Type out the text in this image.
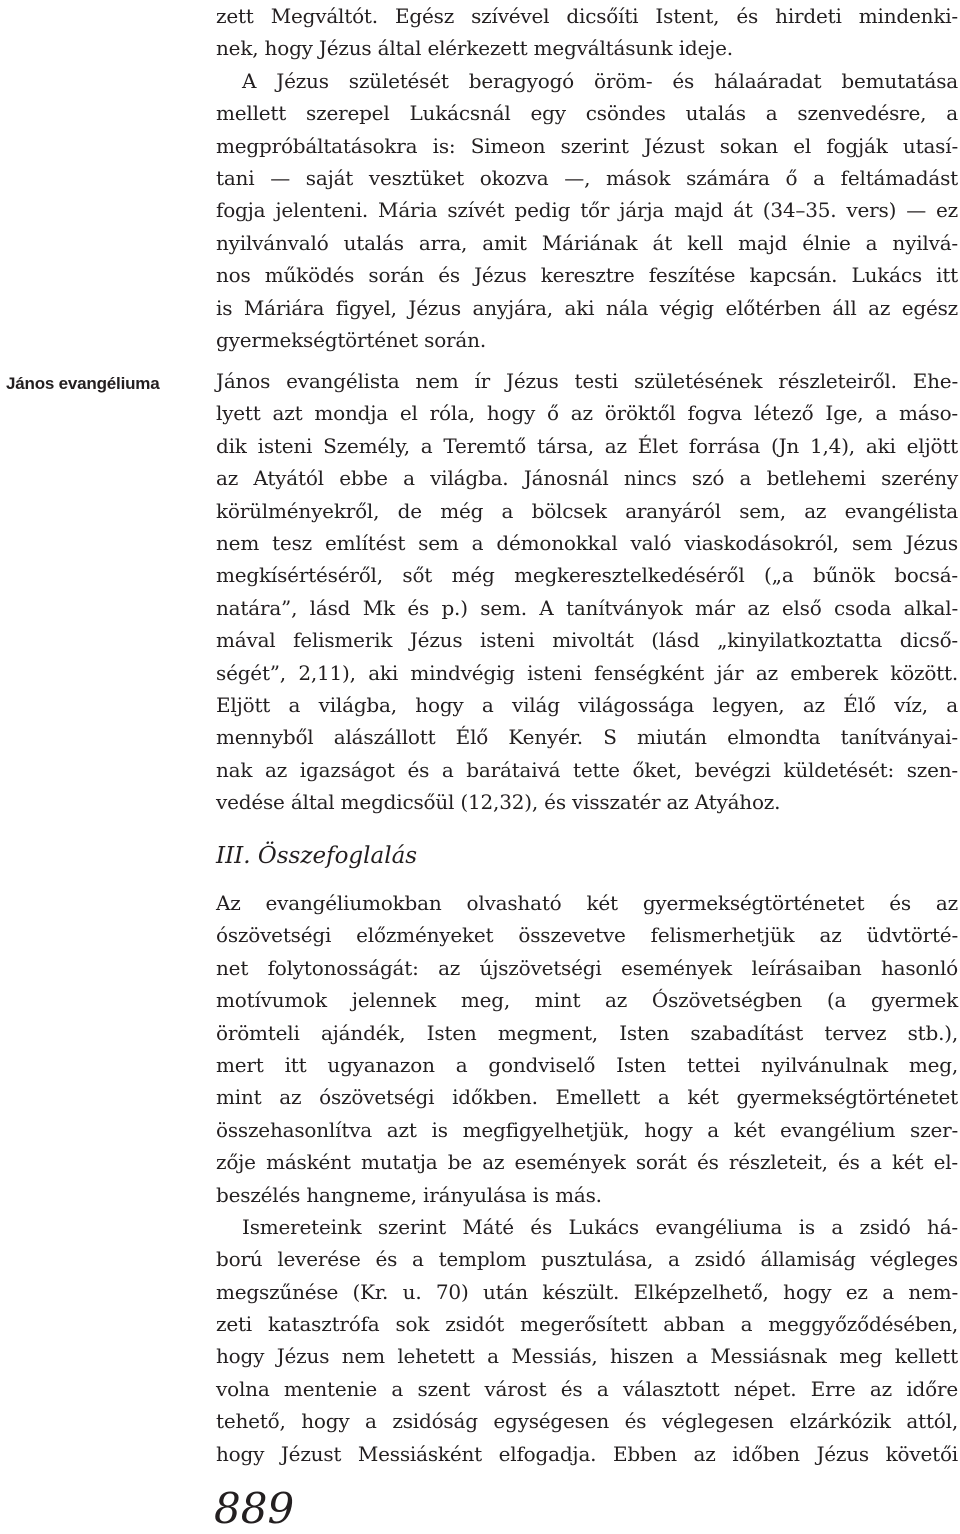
zett Megváltót. Egész szívével dicsőíti Istent, és hirdeti mindenki-
nek, hogy Jézus által elérkezett megváltásunk ideje.
A Jézus születését beragyogó öröm- és hálaáradat bemutatása
mellett szerepel Lukácsnál egy csöndes utalás a szenvedésre, a
megpróbáltatásokra is: Simeon szerint Jézust sokan el fogják utasí-
tani — saját vesztüket okozva —, mások számára ő a feltámadást
fogja jelenteni. Mária szívét pedig tőr járja majd át (34–35. vers) — ez
nyilvánvaló utalás arra, amit Máriának át kell majd élnie a nyilvá-
nos működés során és Jézus keresztre feszítése kapcsán. Lukács itt
is Máriára figyel, Jézus anyjára, aki nála végig előtérben áll az egész
gyermekségtörténet során.
János evangéliuma	János evangélista nem ír Jézus testi születésének részleteiről. Ehe-
lyett azt mondja el róla, hogy ő az öröktől fogva létező Ige, a máso-
dik isteni Személy, a Teremtő társa, az Élet forrása (Jn 1,4), aki eljött
az Atyától ebbe a világba. Jánosnál nincs szó a betlehemi szerény
körülményekről, de még a bölcsek aranyáról sem, az evangélista
nem tesz említést sem a démonokkal való viaskodásokról, sem Jézus
megkísértéséről, sőt még megkeresztelkedéséről („a bűnök bocsá-
natára”, lásd Mk és p.) sem. A tanítványok már az első csoda alkal-
mával felismerik Jézus isteni mivoltát (lásd „kinyilatkoztatta dicső-
ségét”, 2,11), aki mindvégig isteni fenségként jár az emberek között.
Eljött a világba, hogy a világ világossága legyen, az Élő víz, a
mennyből alászállott Élő Kenyér. S miután elmondta tanítványai-
nak az igazságot és a barátaivá tette őket, bevégzi küldetését: szen-
vedése által megdicsőül (12,32), és visszatér az Atyához.
III. Összefoglalás
Az evangéliumokban olvasható két gyermekségtörténetet és az
ószövetségi előzményeket összevetve felismerhetjük az üdvtörté-
net folytonosságát: az újszövetségi események leírásaiban hasonló
motívumok jelennek meg, mint az Ószövetségben (a gyermek
örömteli ajándék, Isten megment, Isten szabadítást tervez stb.),
mert itt ugyanazon a gondviselő Isten tettei nyilvánulnak meg,
mint az ószövetségi időkben. Emellett a két gyermekségtörténetet
összehasonlítva azt is megfigyelhetjük, hogy a két evangélium szer-
zője másként mutatja be az események sorát és részleteit, és a két el-
beszélés hangneme, irányulása is más.
Ismereteink szerint Máté és Lukács evangéliuma is a zsidó há-
ború leverése és a templom pusztulása, a zsidó államiság végleges
megszűnése (Kr. u. 70) után készült. Elképzelhető, hogy ez a nem-
zeti katasztrófa sok zsidót megerősített abban a meggyőződésében,
hogy Jézus nem lehetett a Messiás, hiszen a Messiásnak meg kellett
volna mentenie a szent várost és a választott népet. Erre az időre
tehető, hogy a zsidóság egységesen és véglegesen elzárkózik attól,
hogy Jézust Messiásként elfogadja. Ebben az időben Jézus követői
889
